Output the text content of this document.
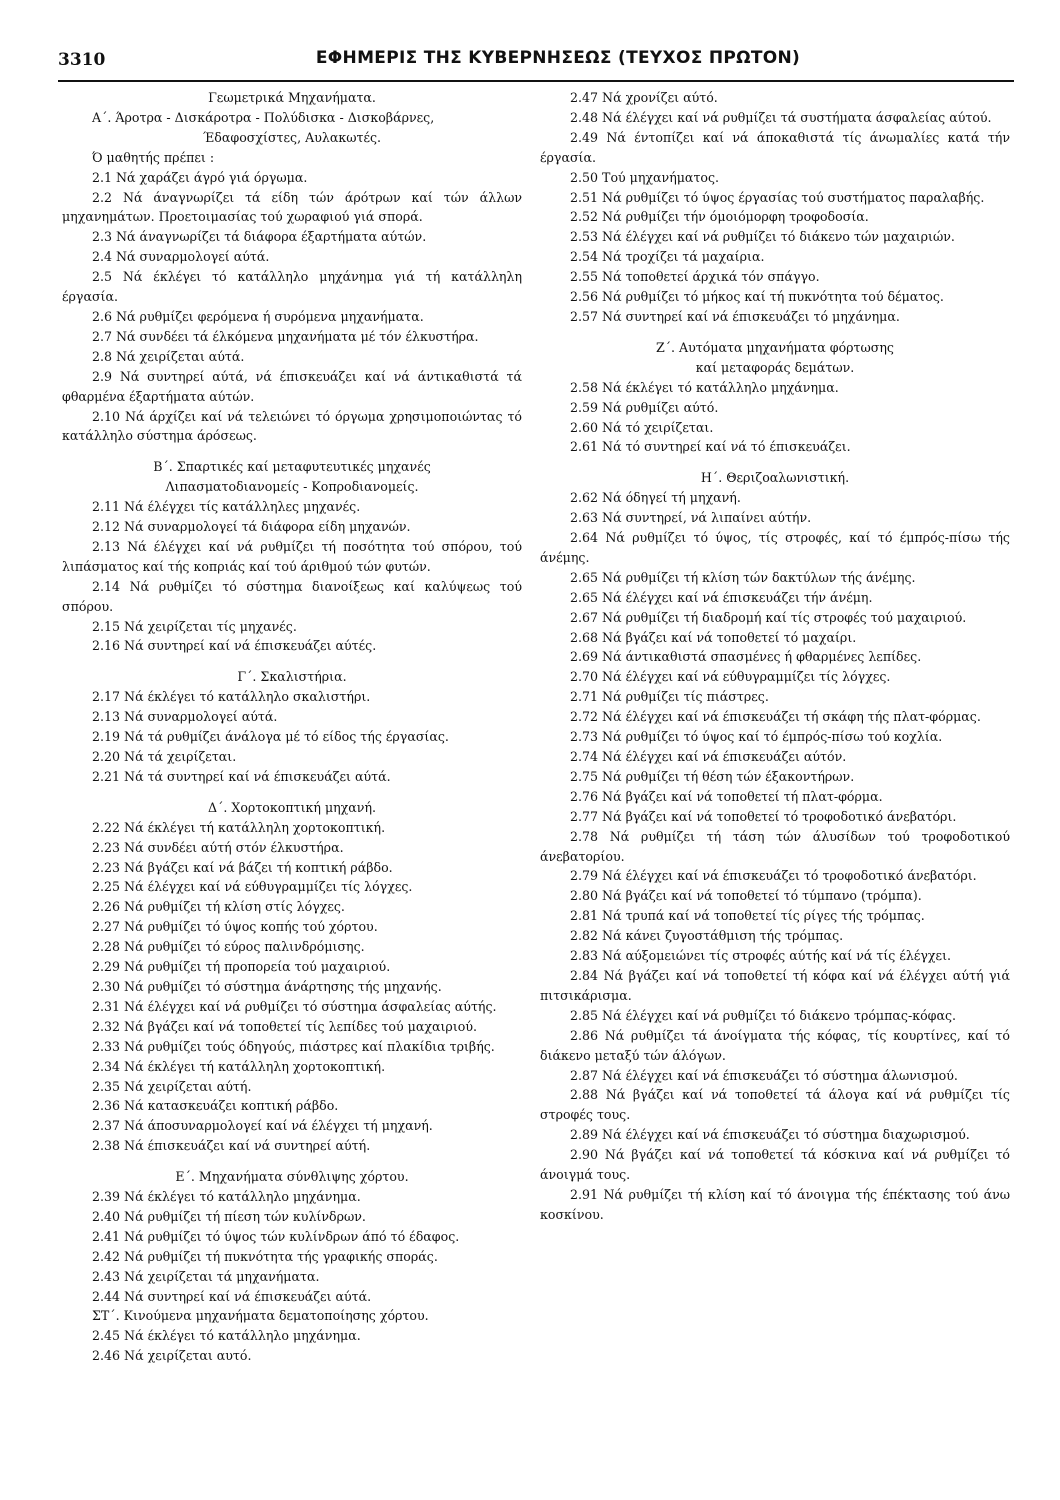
3310	ΕΦΗΜΕΡΙΣ ΤΗΣ ΚΥΒΕΡΝΗΣΕΩΣ (ΤΕΥΧΟΣ ΠΡΩΤΟΝ)

Γεωμετρικά Μηχανήματα.

Α΄. Άροτρα - Δισκάροτρα - Πολύδισκα - Δισκοβάρνες,

Έδαφοσχίστες, Αυλακωτές.

Ό μαθητής πρέπει :

2.1 Νά χαράζει άγρό γιά όργωμα.

2.2 Νά άναγνωρίζει τά είδη τών άρότρων καί τών άλλων μηχανημάτων. Προετοιμασίας τού χωραφιού γιά σπορά.

2.3 Νά άναγνωρίζει τά διάφορα έξαρτήματα αύτών.

2.4 Νά συναρμολογεί αύτά.

2.5 Νά έκλέγει τό κατάλληλο μηχάνημα γιά τή κατάλληλη έργασία.

2.6 Νά ρυθμίζει φερόμενα ή συρόμενα μηχανήματα.

2.7 Νά συνδέει τά έλκόμενα μηχανήματα μέ τόν έλκυστήρα.

2.8 Νά χειρίζεται αύτά.

2.9 Νά συντηρεί αύτά, νά έπισκευάζει καί νά άντικαθιστά τά φθαρμένα έξαρτήματα αύτών.

2.10 Νά άρχίζει καί νά τελειώνει τό όργωμα χρησιμοποιώντας τό κατάλληλο σύστημα άρόσεως.

Β΄. Σπαρτικές καί μεταφυτευτικές μηχανές

Λιπασματοδιανομείς - Κοπροδιανομείς.

2.11 Νά έλέγχει τίς κατάλληλες μηχανές.

2.12 Νά συναρμολογεί τά διάφορα είδη μηχανών.

2.13 Νά έλέγχει καί νά ρυθμίζει τή ποσότητα τού σπόρου, τού λιπάσματος καί τής κοπριάς καί τού άριθμού τών φυτών.

2.14 Νά ρυθμίζει τό σύστημα διανοίξεως καί καλύψεως τού σπόρου.

2.15 Νά χειρίζεται τίς μηχανές.

2.16 Νά συντηρεί καί νά έπισκευάζει αύτές.

Γ΄. Σκαλιστήρια.

2.17 Νά έκλέγει τό κατάλληλο σκαλιστήρι.

2.13 Νά συναρμολογεί αύτά.

2.19 Νά τά ρυθμίζει άνάλογα μέ τό είδος τής έργασίας.

2.20 Νά τά χειρίζεται.

2.21 Νά τά συντηρεί καί νά έπισκευάζει αύτά.

Δ΄. Χορτοκοπτική μηχανή.

2.22 Νά έκλέγει τή κατάλληλη χορτοκοπτική.

2.23 Νά συνδέει αύτή στόν έλκυστήρα.

2.23 Νά βγάζει καί νά βάζει τή κοπτική ράβδο.

2.25 Νά έλέγχει καί νά εύθυγραμμίζει τίς λόγχες.

2.26 Νά ρυθμίζει τή κλίση στίς λόγχες.

2.27 Νά ρυθμίζει τό ύψος κοπής τού χόρτου.

2.28 Νά ρυθμίζει τό εύρος παλινδρόμισης.

2.29 Νά ρυθμίζει τή προπορεία τού μαχαιριού.

2.30 Νά ρυθμίζει τό σύστημα άνάρτησης τής μηχανής.

2.31 Νά έλέγχει καί νά ρυθμίζει τό σύστημα άσφαλείας αύτής.

2.32 Νά βγάζει καί νά τοποθετεί τίς λεπίδες τού μαχαιριού.

2.33 Νά ρυθμίζει τούς όδηγούς, πιάστρες καί πλακίδια τριβής.

2.34 Νά έκλέγει τή κατάλληλη χορτοκοπτική.

2.35 Νά χειρίζεται αύτή.

2.36 Νά κατασκευάζει κοπτική ράβδο.

2.37 Νά άποσυναρμολογεί καί νά έλέγχει τή μηχανή.

2.38 Νά έπισκευάζει καί νά συντηρεί αύτή.

Ε΄. Μηχανήματα σύνθλιψης χόρτου.

2.39 Νά έκλέγει τό κατάλληλο μηχάνημα.

2.40 Νά ρυθμίζει τή πίεση τών κυλίνδρων.

2.41 Νά ρυθμίζει τό ύψος τών κυλίνδρων άπό τό έδαφος.

2.42 Νά ρυθμίζει τή πυκνότητα τής γραφικής σποράς.

2.43 Νά χειρίζεται τά μηχανήματα.

2.44 Νά συντηρεί καί νά έπισκευάζει αύτά.

ΣΤ΄. Κινούμενα μηχανήματα δεματοποίησης χόρτου.

2.45 Νά έκλέγει τό κατάλληλο μηχάνημα.

2.46 Νά χειρίζεται αυτό.

2.47 Νά χρονίζει αύτό.

2.48 Νά έλέγχει καί νά ρυθμίζει τά συστήματα άσφαλείας αύτού.

2.49 Νά έντοπίζει καί νά άποκαθιστά τίς άνωμαλίες κατά τήν έργασία.

2.50 Τού μηχανήματος.

2.51 Νά ρυθμίζει τό ύψος έργασίας τού συστήματος παραλαβής.

2.52 Νά ρυθμίζει τήν όμοιόμορφη τροφοδοσία.

2.53 Νά έλέγχει καί νά ρυθμίζει τό διάκενο τών μαχαιριών.

2.54 Νά τροχίζει τά μαχαίρια.

2.55 Νά τοποθετεί άρχικά τόν σπάγγο.

2.56 Νά ρυθμίζει τό μήκος καί τή πυκνότητα τού δέματος.

2.57 Νά συντηρεί καί νά έπισκευάζει τό μηχάνημα.

Ζ΄. Αυτόματα μηχανήματα φόρτωσης

καί μεταφοράς δεμάτων.

2.58 Νά έκλέγει τό κατάλληλο μηχάνημα.

2.59 Νά ρυθμίζει αύτό.

2.60 Νά τό χειρίζεται.

2.61 Νά τό συντηρεί καί νά τό έπισκευάζει.

Η΄. Θεριζοαλωνιστική.

2.62 Νά όδηγεί τή μηχανή.

2.63 Νά συντηρεί, νά λιπαίνει αύτήν.

2.64 Νά ρυθμίζει τό ύψος, τίς στροφές, καί τό έμπρός-πίσω τής άνέμης.

2.65 Νά ρυθμίζει τή κλίση τών δακτύλων τής άνέμης.

2.65 Νά έλέγχει καί νά έπισκευάζει τήν άνέμη.

2.67 Νά ρυθμίζει τή διαδρομή καί τίς στροφές τού μαχαιριού.

2.68 Νά βγάζει καί νά τοποθετεί τό μαχαίρι.

2.69 Νά άντικαθιστά σπασμένες ή φθαρμένες λεπίδες.

2.70 Νά έλέγχει καί νά εύθυγραμμίζει τίς λόγχες.

2.71 Νά ρυθμίζει τίς πιάστρες.

2.72 Νά έλέγχει καί νά έπισκευάζει τή σκάφη τής πλατ-φόρμας.

2.73 Νά ρυθμίζει τό ύψος καί τό έμπρός-πίσω τού κοχλία.

2.74 Νά έλέγχει καί νά έπισκευάζει αύτόν.

2.75 Νά ρυθμίζει τή θέση τών έξακοντήρων.

2.76 Νά βγάζει καί νά τοποθετεί τή πλατ-φόρμα.

2.77 Νά βγάζει καί νά τοποθετεί τό τροφοδοτικό άνεβατόρι.

2.78 Νά ρυθμίζει τή τάση τών άλυσίδων τού τροφοδοτικού άνεβατορίου.

2.79 Νά έλέγχει καί νά έπισκευάζει τό τροφοδοτικό άνεβατόρι.

2.80 Νά βγάζει καί νά τοποθετεί τό τύμπανο (τρόμπα).

2.81 Νά τρυπά καί νά τοποθετεί τίς ρίγες τής τρόμπας.

2.82 Νά κάνει ζυγοστάθμιση τής τρόμπας.

2.83 Νά αύξομειώνει τίς στροφές αύτής καί νά τίς έλέγχει.

2.84 Νά βγάζει καί νά τοποθετεί τή κόφα καί νά έλέγχει αύτή γιά πιτσικάρισμα.

2.85 Νά έλέγχει καί νά ρυθμίζει τό διάκενο τρόμπας-κόφας.

2.86 Νά ρυθμίζει τά άνοίγματα τής κόφας, τίς κουρτίνες, καί τό διάκενο μεταξύ τών άλόγων.

2.87 Νά έλέγχει καί νά έπισκευάζει τό σύστημα άλωνισμού.

2.88 Νά βγάζει καί νά τοποθετεί τά άλογα καί νά ρυθμίζει τίς στροφές τους.

2.89 Νά έλέγχει καί νά έπισκευάζει τό σύστημα διαχωρισμού.

2.90 Νά βγάζει καί νά τοποθετεί τά κόσκινα καί νά ρυθμίζει τό άνοιγμά τους.

2.91 Νά ρυθμίζει τή κλίση καί τό άνοιγμα τής έπέκτασης τού άνω κοσκίνου.
